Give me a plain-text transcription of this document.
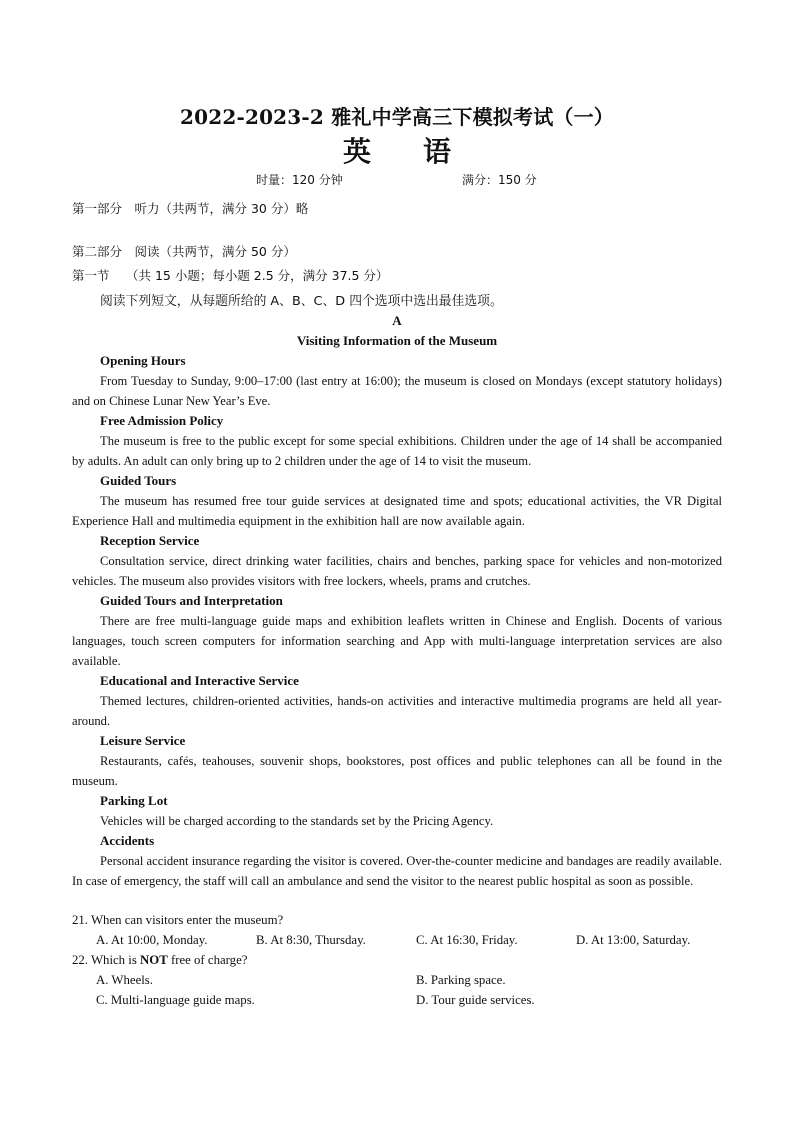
2022-2023-2 雅礼中学高三下模拟考试（一）
英 语
时量：120 分钟	满分：150 分
第一部分　听力（共两节，满分 30 分）略
第二部分　阅读（共两节，满分 50 分）
第一节　 （共 15 小题；每小题 2.5 分，满分 37.5 分）
阅读下列短文，从每题所给的 A、B、C、D 四个选项中选出最佳选项。
A
Visiting Information of the Museum
Opening Hours
From Tuesday to Sunday, 9:00–17:00 (last entry at 16:00); the museum is closed on Mondays (except statutory holidays) and on Chinese Lunar New Year’s Eve.
Free Admission Policy
The museum is free to the public except for some special exhibitions. Children under the age of 14 shall be accompanied by adults. An adult can only bring up to 2 children under the age of 14 to visit the museum.
Guided Tours
The museum has resumed free tour guide services at designated time and spots; educational activities, the VR Digital Experience Hall and multimedia equipment in the exhibition hall are now available again.
Reception Service
Consultation service, direct drinking water facilities, chairs and benches, parking space for vehicles and non-motorized vehicles. The museum also provides visitors with free lockers, wheels, prams and crutches.
Guided Tours and Interpretation
There are free multi-language guide maps and exhibition leaflets written in Chinese and English. Docents of various languages, touch screen computers for information searching and App with multi-language interpretation services are also available.
Educational and Interactive Service
Themed lectures, children-oriented activities, hands-on activities and interactive multimedia programs are held all year-around.
Leisure Service
Restaurants, cafés, teahouses, souvenir shops, bookstores, post offices and public telephones can all be found in the museum.
Parking Lot
Vehicles will be charged according to the standards set by the Pricing Agency.
Accidents
Personal accident insurance regarding the visitor is covered. Over-the-counter medicine and bandages are readily available. In case of emergency, the staff will call an ambulance and send the visitor to the nearest public hospital as soon as possible.
21. When can visitors enter the museum?
A. At 10:00, Monday.	B. At 8:30, Thursday.	C. At 16:30, Friday.	D. At 13:00, Saturday.
22. Which is NOT free of charge?
A. Wheels.	B. Parking space.
C. Multi-language guide maps.	D. Tour guide services.
